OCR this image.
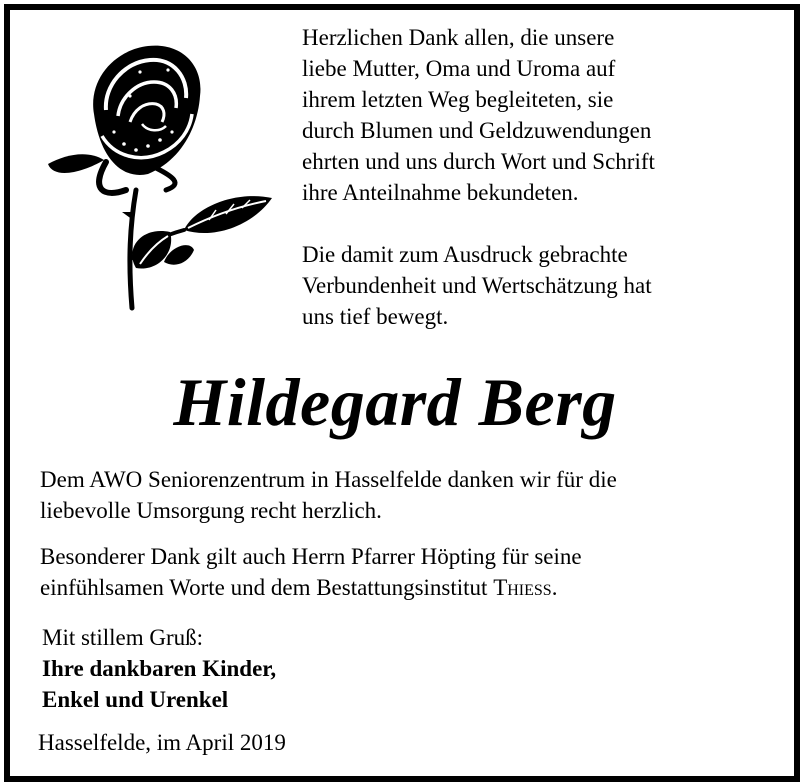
Herzlichen Dank allen, die unsere
liebe Mutter, Oma und Uroma auf
ihrem letzten Weg begleiteten, sie
durch Blumen und Geldzuwendungen
ehrten und uns durch Wort und Schrift
ihre Anteilnahme bekundeten.

Die damit zum Ausdruck gebrachte
Verbundenheit und Wertschätzung hat
uns tief bewegt.

Hildegard Berg

Dem AWO Seniorenzentrum in Hasselfelde danken wir für die
liebevolle Umsorgung recht herzlich.

Besonderer Dank gilt auch Herrn Pfarrer Höpting für seine
einfühlsamen Worte und dem Bestattungsinstitut Thieß.

Mit stillem Gruß:
Ihre dankbaren Kinder,
Enkel und Urenkel
Hasselfelde, im April 2019
